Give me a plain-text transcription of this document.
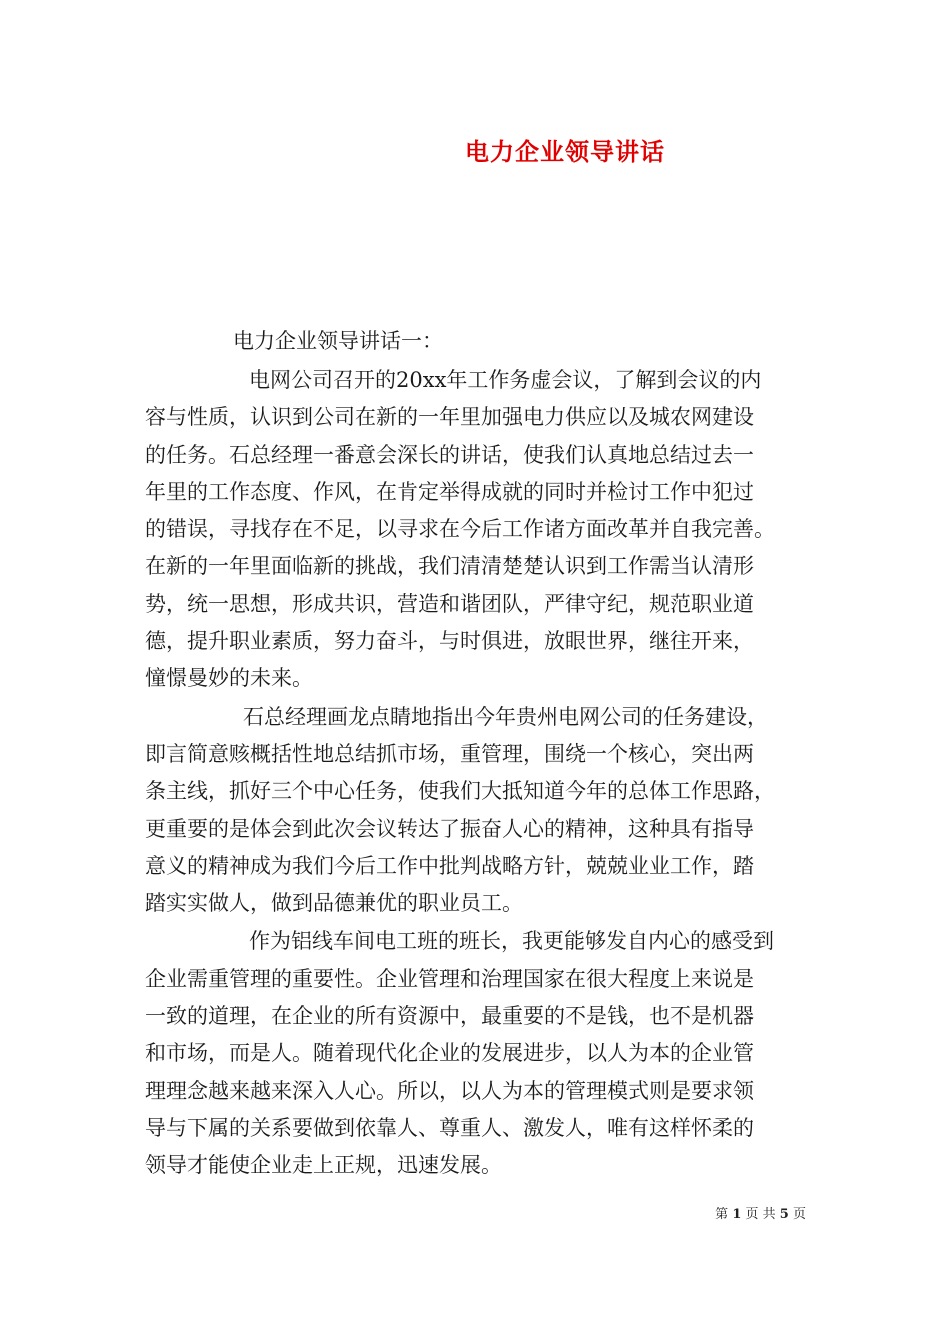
电力企业领导讲话
电力企业领导讲话一：
电网公司召开的20xx年工作务虚会议，了解到会议的内
容与性质，认识到公司在新的一年里加强电力供应以及城农网建设
的任务。石总经理一番意会深长的讲话，使我们认真地总结过去一
年里的工作态度、作风，在肯定举得成就的同时并检讨工作中犯过
的错误，寻找存在不足，以寻求在今后工作诸方面改革并自我完善。
在新的一年里面临新的挑战，我们清清楚楚认识到工作需当认清形
势，统一思想，形成共识，营造和谐团队，严律守纪，规范职业道
德，提升职业素质，努力奋斗，与时俱进，放眼世界，继往开来，
憧憬曼妙的未来。
石总经理画龙点睛地指出今年贵州电网公司的任务建设，
即言简意赅概括性地总结抓市场，重管理，围绕一个核心，突出两
条主线，抓好三个中心任务，使我们大抵知道今年的总体工作思路，
更重要的是体会到此次会议转达了振奋人心的精神，这种具有指导
意义的精神成为我们今后工作中批判战略方针，兢兢业业工作，踏
踏实实做人，做到品德兼优的职业员工。
作为铝线车间电工班的班长，我更能够发自内心的感受到
企业需重管理的重要性。企业管理和治理国家在很大程度上来说是
一致的道理，在企业的所有资源中，最重要的不是钱，也不是机器
和市场，而是人。随着现代化企业的发展进步，以人为本的企业管
理理念越来越来深入人心。所以，以人为本的管理模式则是要求领
导与下属的关系要做到依靠人、尊重人、激发人，唯有这样怀柔的
领导才能使企业走上正规，迅速发展。
第 1 页 共 5 页
